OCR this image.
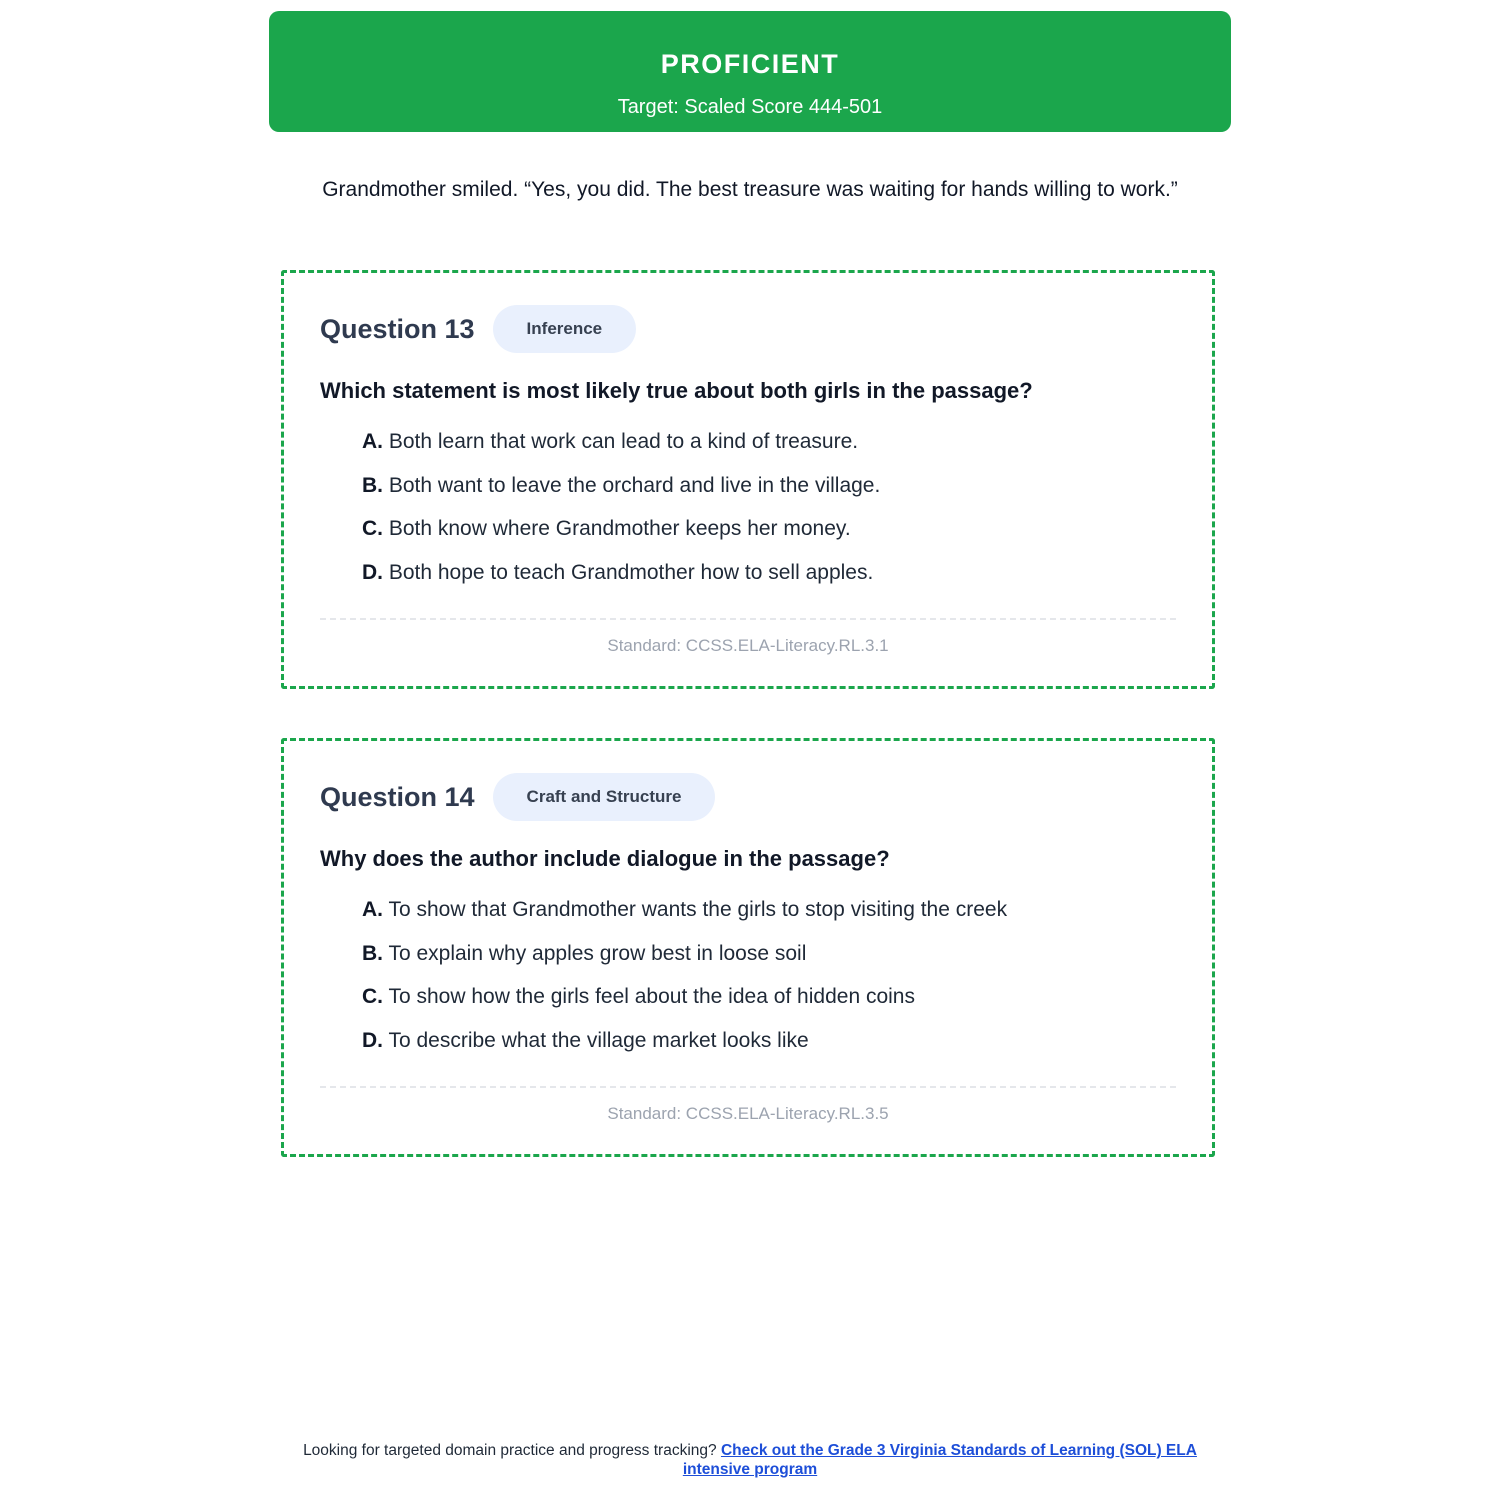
PROFICIENT
Target: Scaled Score 444-501
Grandmother smiled. “Yes, you did. The best treasure was waiting for hands willing to work.”
Question 13	Inference
Which statement is most likely true about both girls in the passage?
A. Both learn that work can lead to a kind of treasure.
B. Both want to leave the orchard and live in the village.
C. Both know where Grandmother keeps her money.
D. Both hope to teach Grandmother how to sell apples.
Standard: CCSS.ELA-Literacy.RL.3.1
Question 14	Craft and Structure
Why does the author include dialogue in the passage?
A. To show that Grandmother wants the girls to stop visiting the creek
B. To explain why apples grow best in loose soil
C. To show how the girls feel about the idea of hidden coins
D. To describe what the village market looks like
Standard: CCSS.ELA-Literacy.RL.3.5
Looking for targeted domain practice and progress tracking? Check out the Grade 3 Virginia Standards of Learning (SOL) ELA intensive program
